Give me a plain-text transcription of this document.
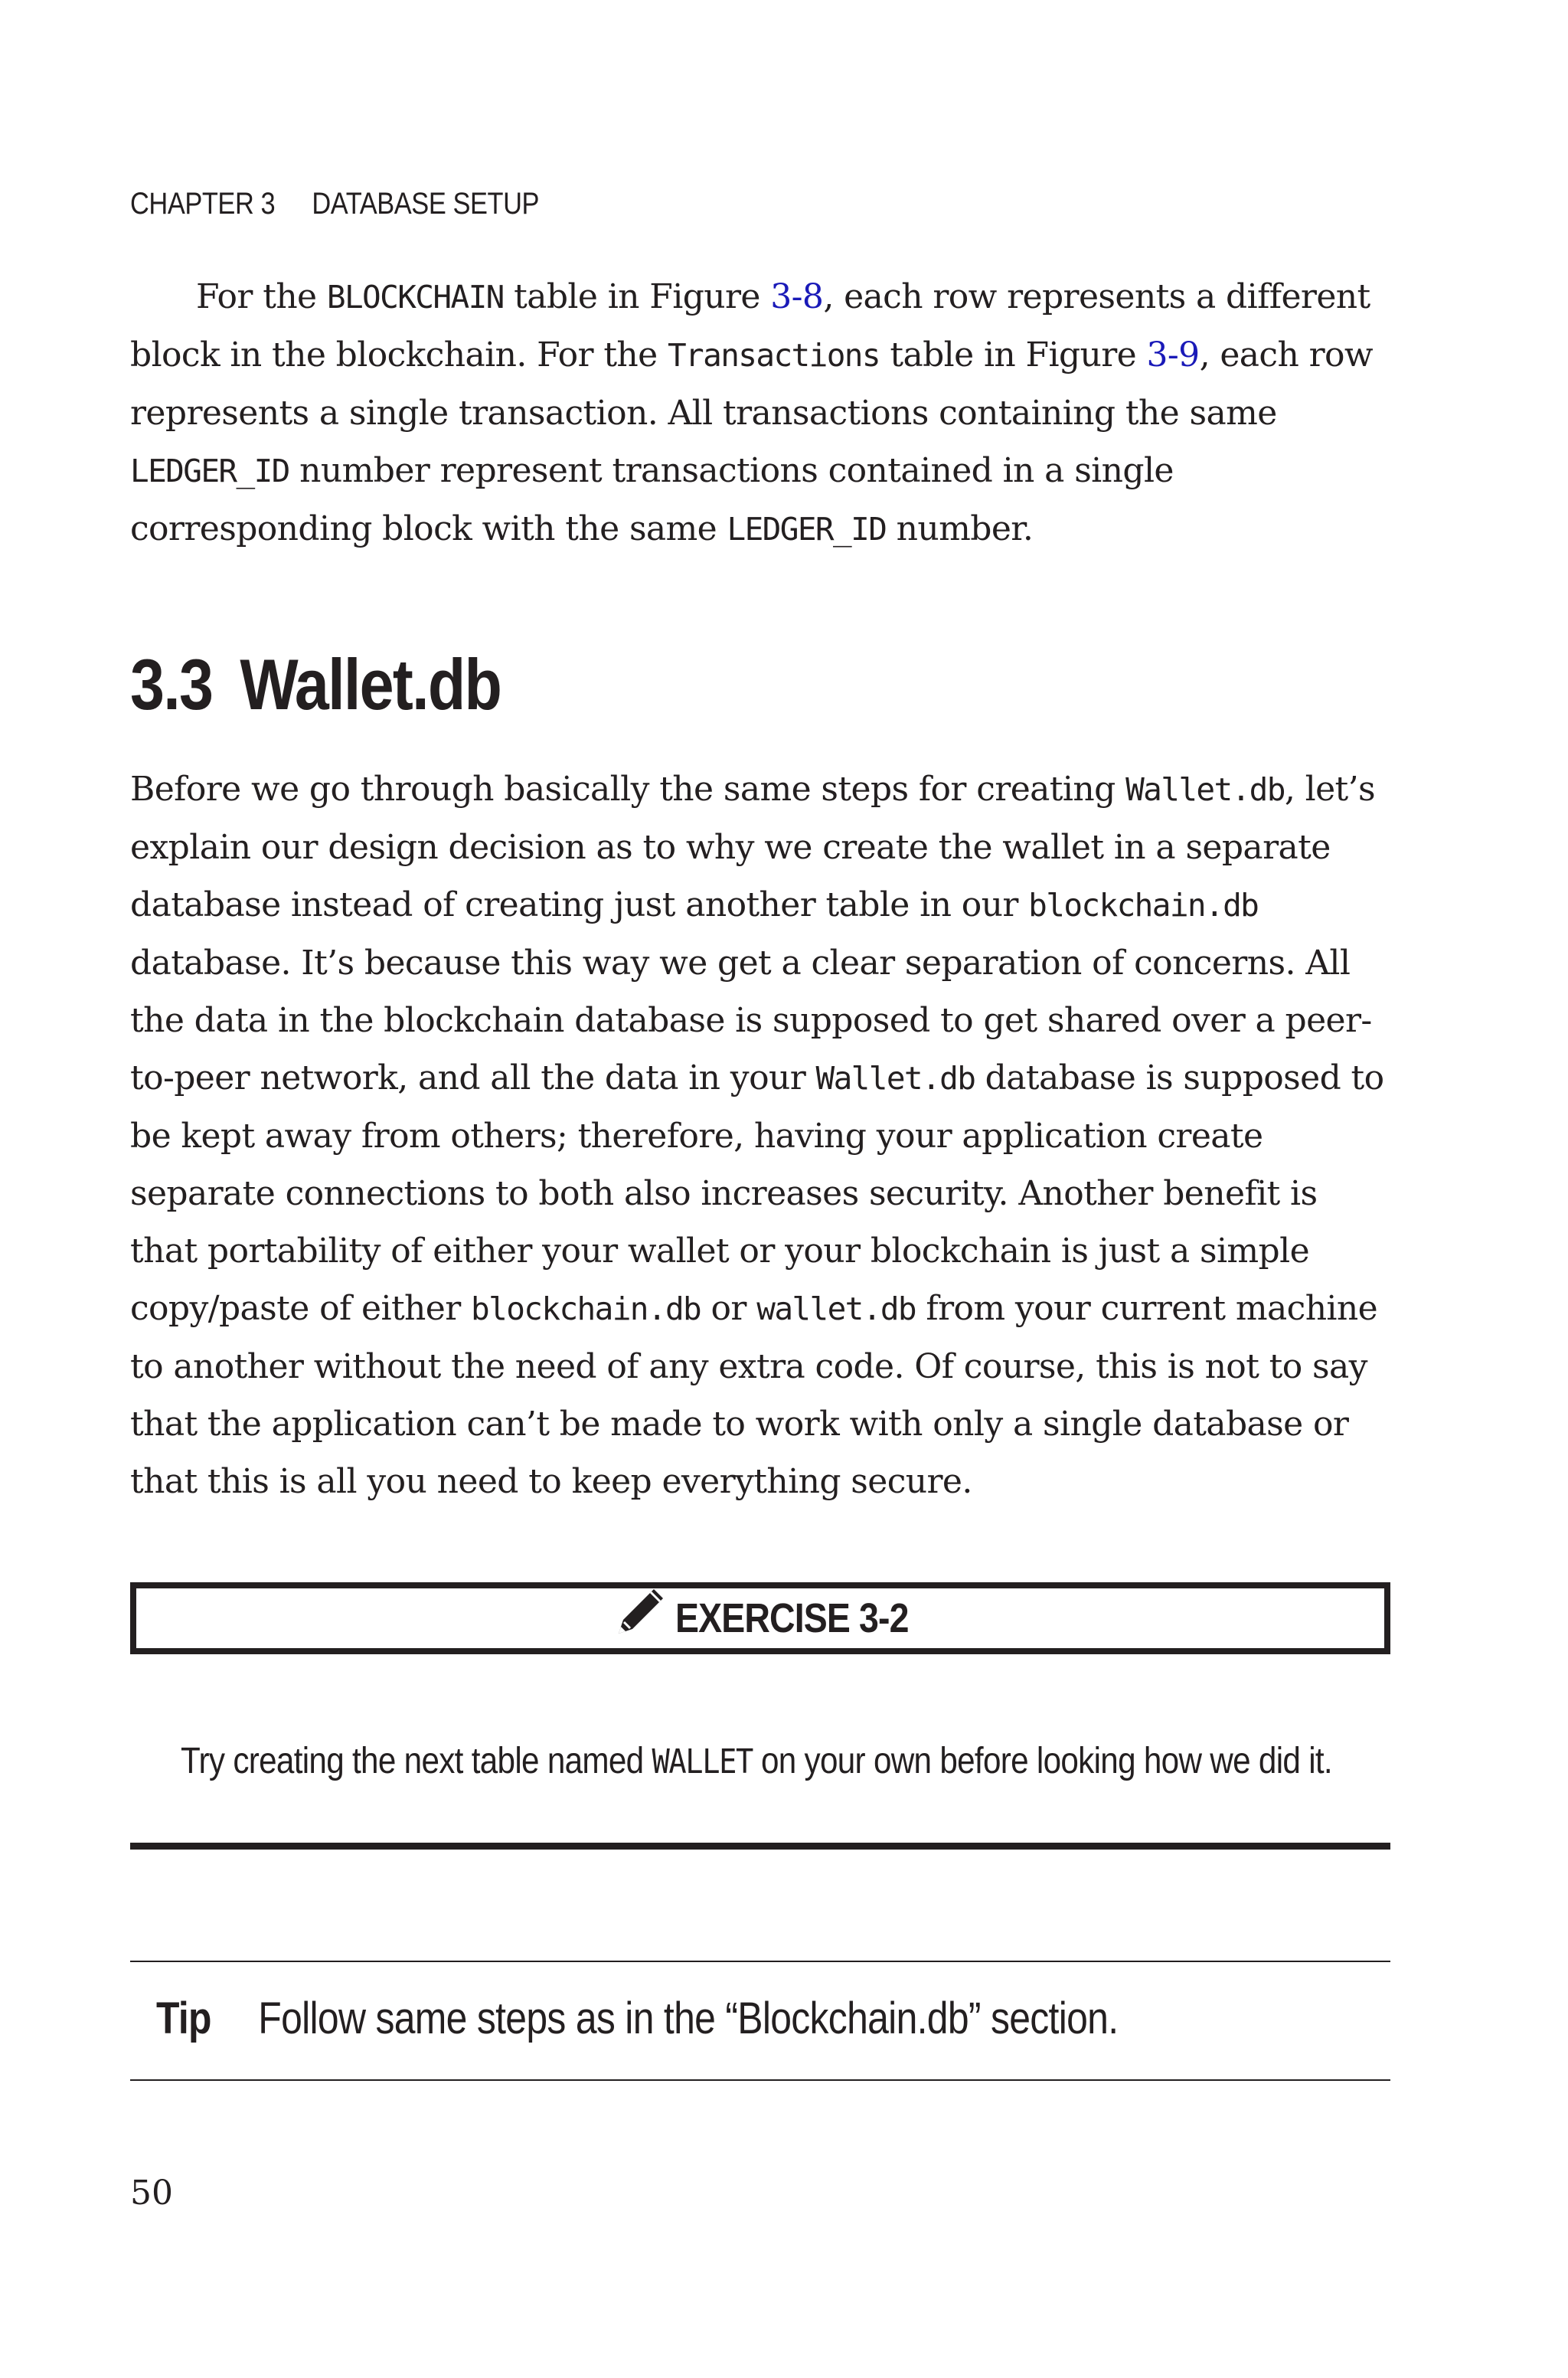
CHAPTER 3 DATABASE SETUP

For the BLOCKCHAIN table in Figure 3-8, each row represents a different block in the blockchain. For the Transactions table in Figure 3-9, each row represents a single transaction. All transactions containing the same LEDGER_ID number represent transactions contained in a single corresponding block with the same LEDGER_ID number.

3.3 Wallet.db

Before we go through basically the same steps for creating Wallet.db, let’s explain our design decision as to why we create the wallet in a separate database instead of creating just another table in our blockchain.db database. It’s because this way we get a clear separation of concerns. All the data in the blockchain database is supposed to get shared over a peer-to-peer network, and all the data in your Wallet.db database is supposed to be kept away from others; therefore, having your application create separate connections to both also increases security. Another benefit is that portability of either your wallet or your blockchain is just a simple copy/paste of either blockchain.db or wallet.db from your current machine to another without the need of any extra code. Of course, this is not to say that the application can’t be made to work with only a single database or that this is all you need to keep everything secure.

EXERCISE 3-2

Try creating the next table named WALLET on your own before looking how we did it.

Tip Follow same steps as in the “Blockchain.db” section.
50
